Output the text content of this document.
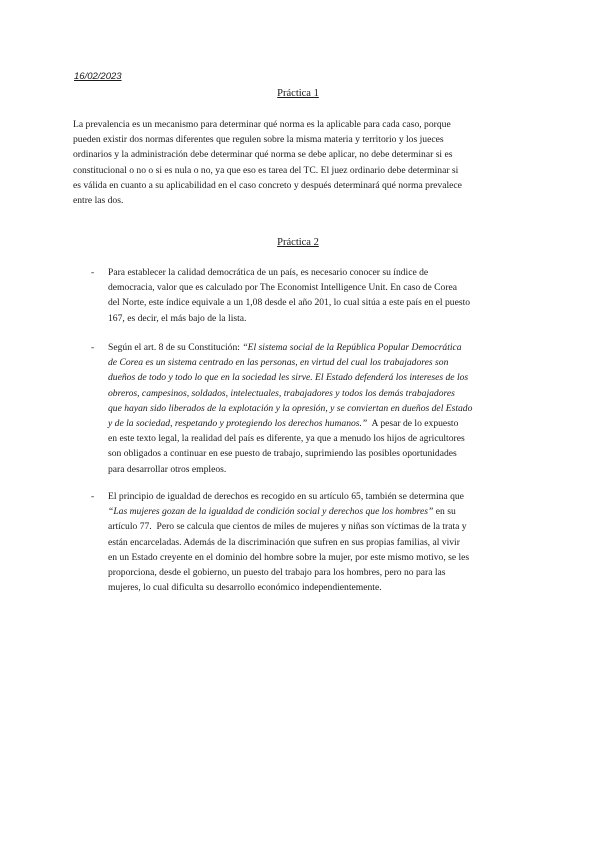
16/02/2023
Práctica 1
La prevalencia es un mecanismo para determinar qué norma es la aplicable para cada caso, porque
pueden existir dos normas diferentes que regulen sobre la misma materia y territorio y los jueces
ordinarios y la administración debe determinar qué norma se debe aplicar, no debe determinar si es
constitucional o no o si es nula o no, ya que eso es tarea del TC. El juez ordinario debe determinar si
es válida en cuanto a su aplicabilidad en el caso concreto y después determinará qué norma prevalece
entre las dos.
Práctica 2
- Para establecer la calidad democrática de un país, es necesario conocer su índice de
democracia, valor que es calculado por The Economist Intelligence Unit. En caso de Corea
del Norte, este índice equivale a un 1,08 desde el año 201, lo cual sitúa a este país en el puesto
167, es decir, el más bajo de la lista.
- Según el art. 8 de su Constitución: “El sistema social de la República Popular Democrática
de Corea es un sistema centrado en las personas, en virtud del cual los trabajadores son
dueños de todo y todo lo que en la sociedad les sirve. El Estado defenderá los intereses de los
obreros, campesinos, soldados, intelectuales, trabajadores y todos los demás trabajadores
que hayan sido liberados de la explotación y la opresión, y se conviertan en dueños del Estado
y de la sociedad, respetando y protegiendo los derechos humanos.”  A pesar de lo expuesto
en este texto legal, la realidad del país es diferente, ya que a menudo los hijos de agricultores
son obligados a continuar en ese puesto de trabajo, suprimiendo las posibles oportunidades
para desarrollar otros empleos.
- El principio de igualdad de derechos es recogido en su artículo 65, también se determina que
“Las mujeres gozan de la igualdad de condición social y derechos que los hombres” en su
artículo 77.  Pero se calcula que cientos de miles de mujeres y niñas son víctimas de la trata y
están encarceladas. Además de la discriminación que sufren en sus propias familias, al vivir
en un Estado creyente en el dominio del hombre sobre la mujer, por este mismo motivo, se les
proporciona, desde el gobierno, un puesto del trabajo para los hombres, pero no para las
mujeres, lo cual dificulta su desarrollo económico independientemente.
